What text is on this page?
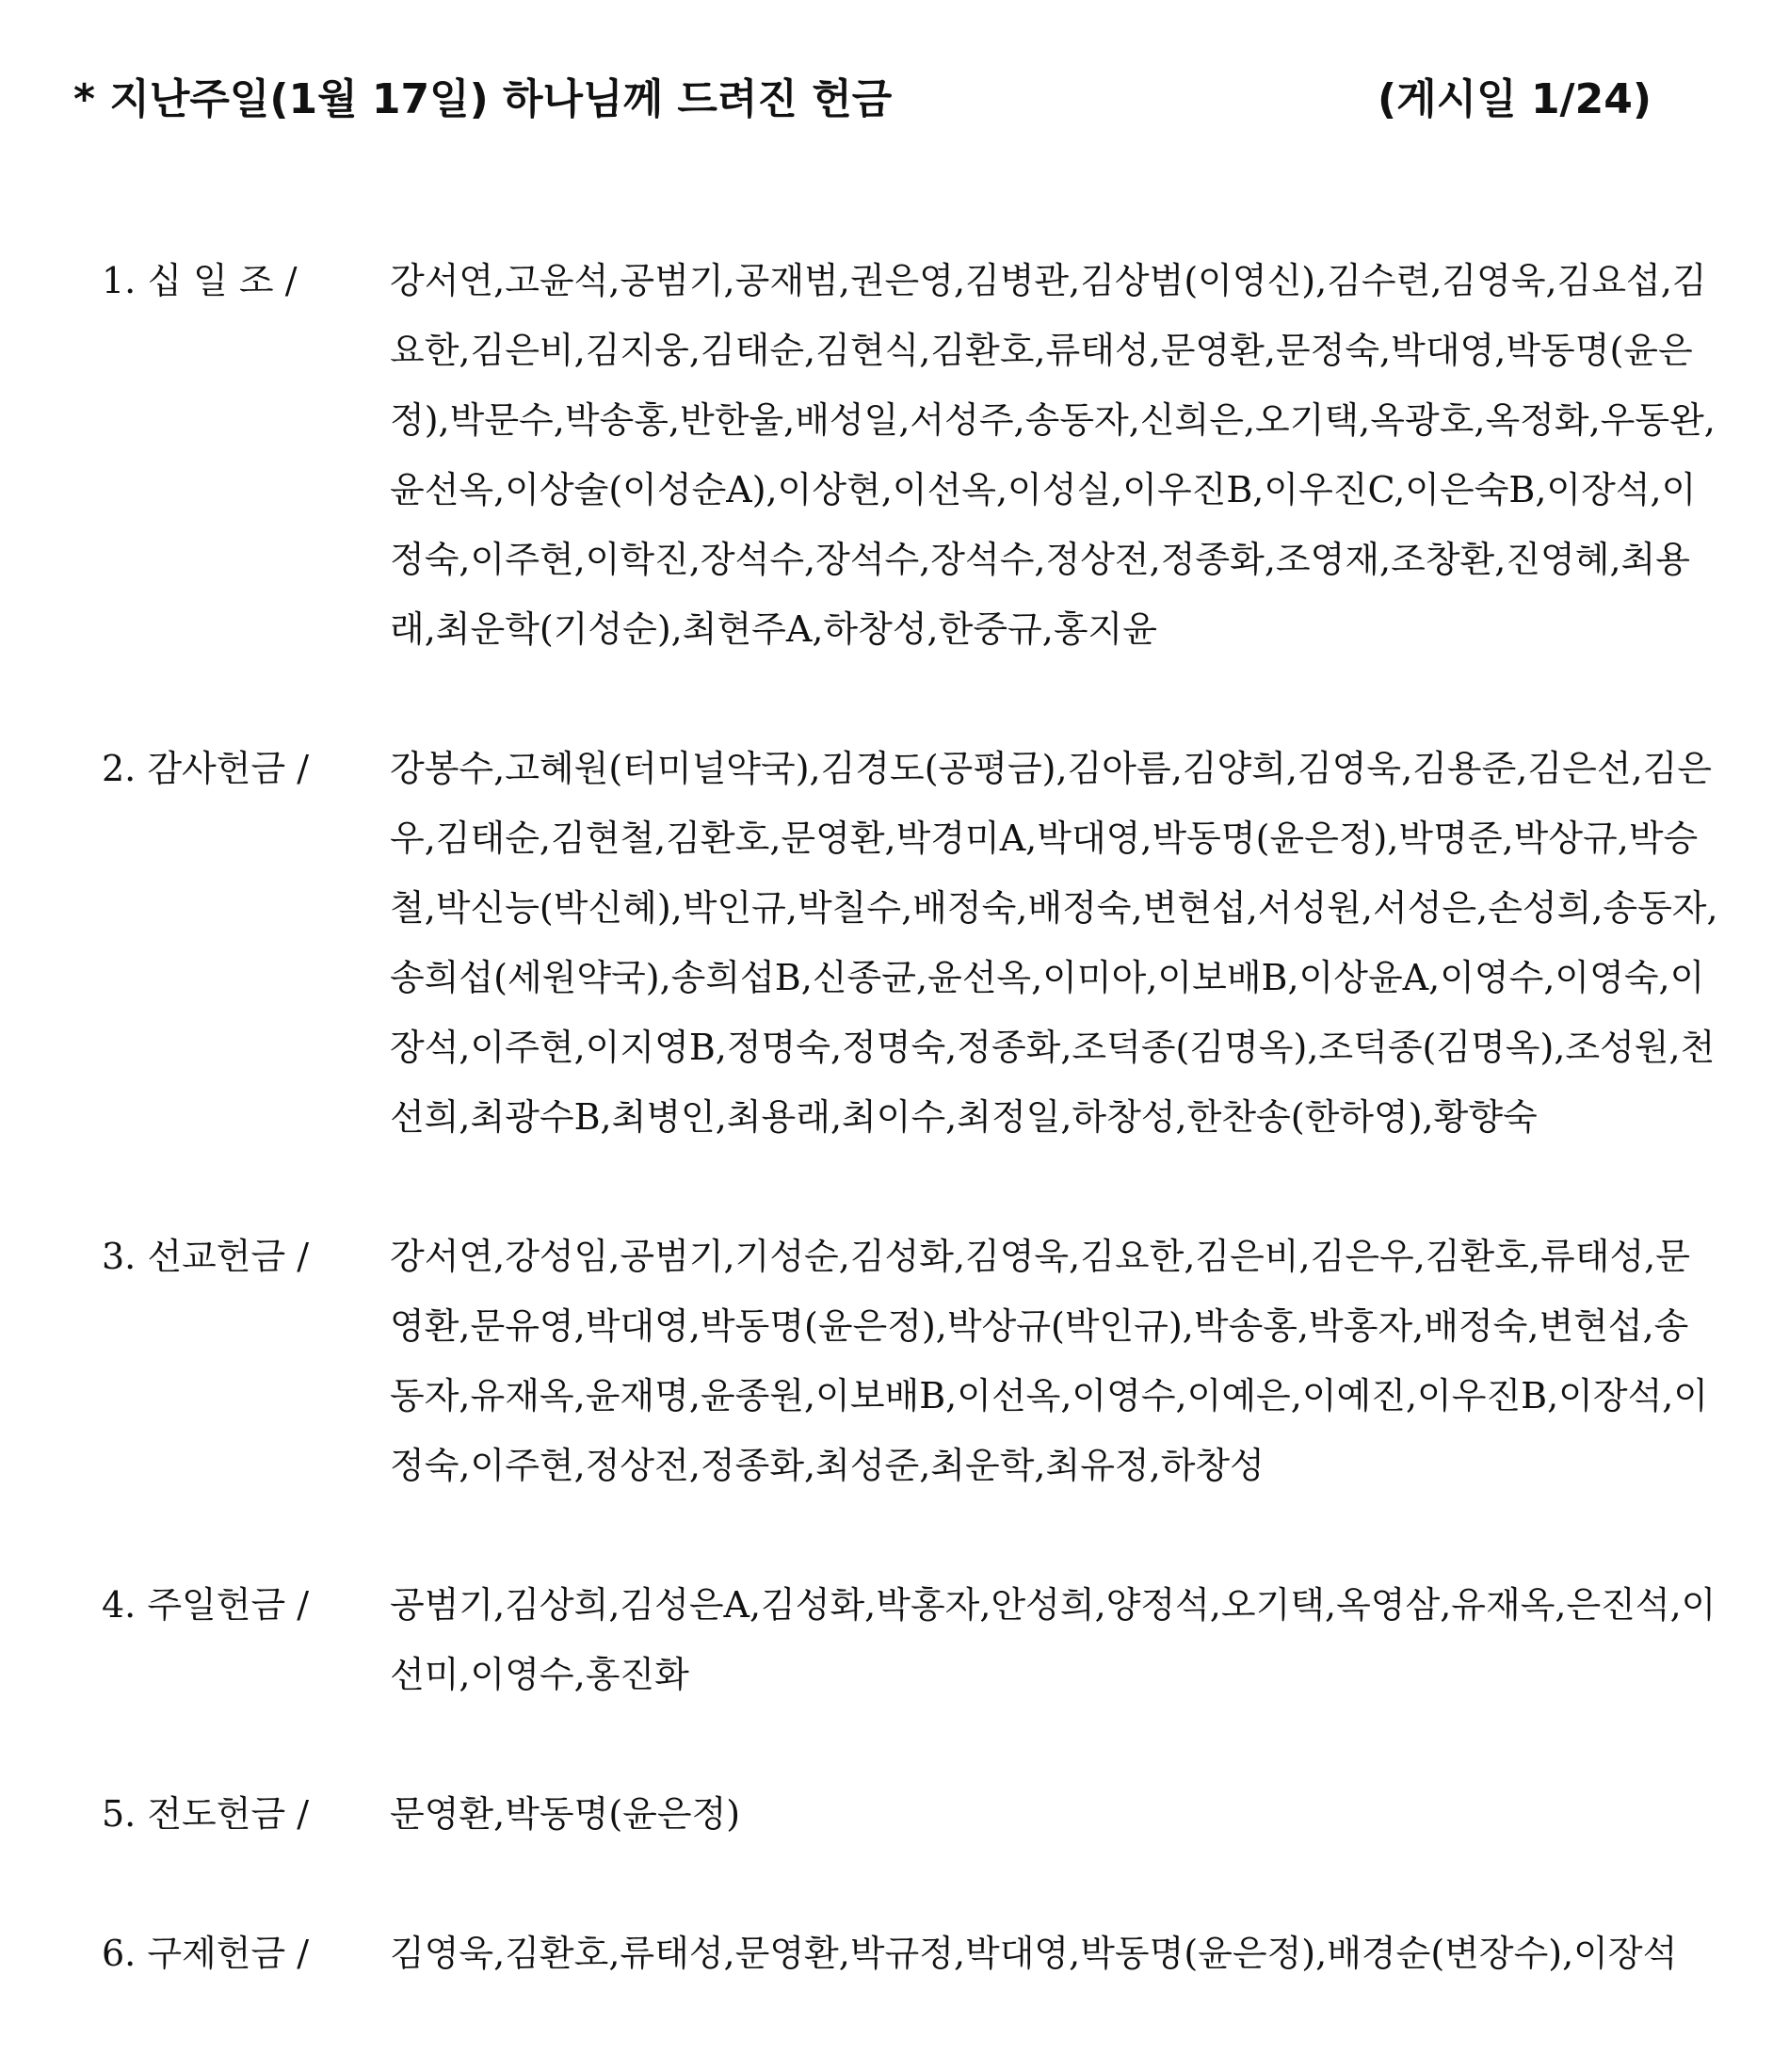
* 지난주일(1월 17일) 하나님께 드려진 헌금	(게시일 1/24)
1. 십 일 조 /	강서연,고윤석,공범기,공재범,권은영,김병관,김상범(이영신),김수련,김영욱,김요섭,김요한,김은비,김지웅,김태순,김현식,김환호,류태성,문영환,문정숙,박대영,박동명(윤은정),박문수,박송홍,반한울,배성일,서성주,송동자,신희은,오기택,옥광호,옥정화,우동완,윤선옥,이상술(이성순A),이상현,이선옥,이성실,이우진B,이우진C,이은숙B,이장석,이정숙,이주현,이학진,장석수,장석수,장석수,정상전,정종화,조영재,조창환,진영혜,최용래,최운학(기성순),최현주A,하창성,한중규,홍지윤
2. 감사헌금 / 강봉수,고혜원(터미널약국),김경도(공평금),김아름,김양희,김영욱,김용준,김은선,김은우,김태순,김현철,김환호,문영환,박경미A,박대영,박동명(윤은정),박명준,박상규,박승철,박신능(박신혜),박인규,박칠수,배정숙,배정숙,변현섭,서성원,서성은,손성희,송동자,송희섭(세원약국),송희섭B,신종균,윤선옥,이미아,이보배B,이상윤A,이영수,이영숙,이장석,이주현,이지영B,정명숙,정명숙,정종화,조덕종(김명옥),조덕종(김명옥),조성원,천선희,최광수B,최병인,최용래,최이수,최정일,하창성,한찬송(한하영),황향숙
3. 선교헌금 / 강서연,강성임,공범기,기성순,김성화,김영욱,김요한,김은비,김은우,김환호,류태성,문영환,문유영,박대영,박동명(윤은정),박상규(박인규),박송홍,박홍자,배정숙,변현섭,송동자,유재옥,윤재명,윤종원,이보배B,이선옥,이영수,이예은,이예진,이우진B,이장석,이정숙,이주현,정상전,정종화,최성준,최운학,최유정,하창성
4. 주일헌금 / 공범기,김상희,김성은A,김성화,박홍자,안성희,양정석,오기택,옥영삼,유재옥,은진석,이선미,이영수,홍진화
5. 전도헌금 / 문영환,박동명(윤은정)
6. 구제헌금 / 김영욱,김환호,류태성,문영환,박규정,박대영,박동명(윤은정),배경순(변장수),이장석
